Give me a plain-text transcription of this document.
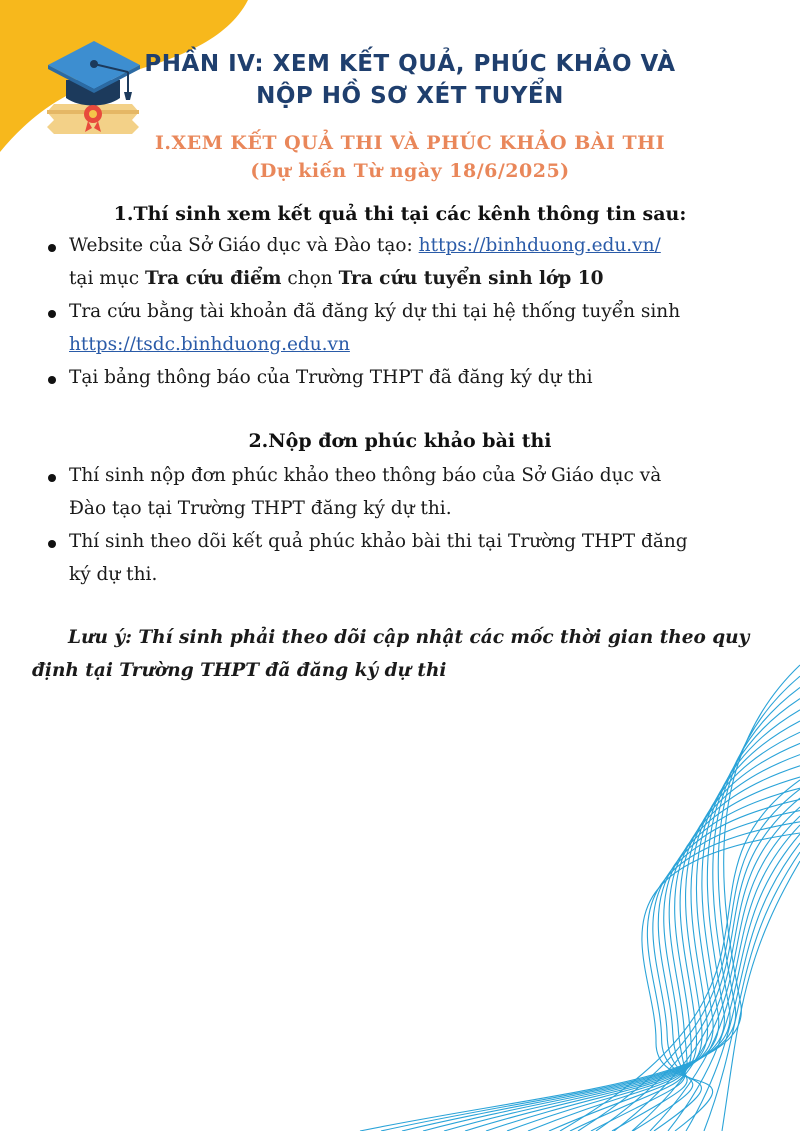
PHẦN IV: XEM KẾT QUẢ, PHÚC KHẢO VÀ
NỘP HỒ SƠ XÉT TUYỂN
I.XEM KẾT QUẢ THI VÀ PHÚC KHẢO BÀI THI
(Dự kiến Từ ngày 18/6/2025)
1.Thí sinh xem kết quả thi tại các kênh thông tin sau:
Website của Sở Giáo dục và Đào tạo: https://binhduong.edu.vn/
tại mục Tra cứu điểm chọn Tra cứu tuyển sinh lớp 10
Tra cứu bằng tài khoản đã đăng ký dự thi tại hệ thống tuyển sinh
https://tsdc.binhduong.edu.vn
Tại bảng thông báo của Trường THPT đã đăng ký dự thi
2.Nộp đơn phúc khảo bài thi
Thí sinh nộp đơn phúc khảo theo thông báo của Sở Giáo dục và
Đào tạo tại Trường THPT đăng ký dự thi.
Thí sinh theo dõi kết quả phúc khảo bài thi tại Trường THPT đăng
ký dự thi.
Lưu ý: Thí sinh phải theo dõi cập nhật các mốc thời gian theo quy
định tại Trường THPT đã đăng ký dự thi
